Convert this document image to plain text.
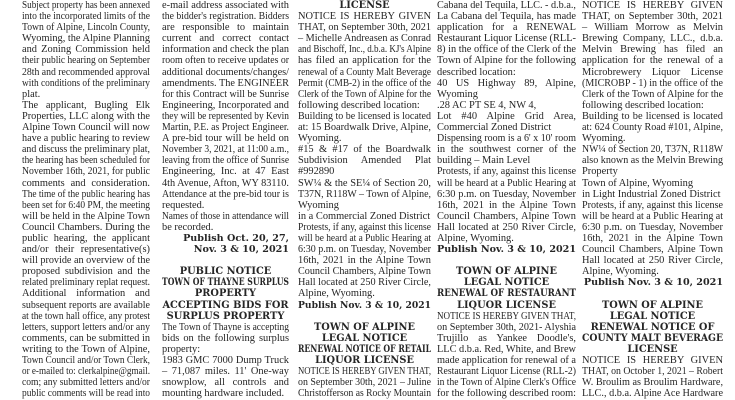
Subject property has been annexed
into the incorporated limits of the
Town of Alpine, Lincoln County,
Wyoming, the Alpine Planning
and Zoning Commission held
their public hearing on September
28th and recommended approval
with conditions of the preliminary
plat.
The applicant, Bugling Elk
Properties, LLC along with the
Alpine Town Council will now
have a public hearing to review
and discuss the preliminary plat,
the hearing has been scheduled for
November 16th, 2021, for public
comments and consideration.
The time of the public hearing has
been set for 6:40 PM, the meeting
will be held in the Alpine Town
Council Chambers. During the
public hearing, the applicant
and/or their representative(s)
will provide an overview of the
proposed subdivision and the
related preliminary replat request.
Additional information and
subsequent reports are available
at the town hall office, any protest
letters, support letters and/or any
comments, can be submitted in
writing to the Town of Alpine,
Town Council and/or Town Clerk,
or e-mailed to: clerkalpine@gmail.
com; any submitted letters and/or
public comments will be read into
e-mail address associated with
the bidder's registration. Bidders
are responsible to maintain
current and correct contact
information and check the plan
room often to receive updates or
additional documents/changes/
amendments. The ENGINEER
for this Contract will be Sunrise
Engineering, Incorporated and
they will be represented by Kevin
Martin, P.E. as Project Engineer.
A pre-bid tour will be held on
November 3, 2021, at 11:00 a.m.,
leaving from the office of Sunrise
Engineering, Inc. at 47 East
4th Avenue, Afton, WY 83110.
Attendance at the pre-bid tour is
requested.
Names of those in attendance will
be recorded.
Publish Oct. 20, 27,
Nov. 3 & 10, 2021
PUBLIC NOTICE
TOWN OF THAYNE SURPLUS
PROPERTY
ACCEPTING BIDS FOR
SURPLUS PROPERTY
The Town of Thayne is accepting
bids on the following surplus
property:
1983 GMC 7000 Dump Truck
– 71,087 miles. 11' One-way
snowplow, all controls and
mounting hardware included.
LICENSE
NOTICE IS HEREBY GIVEN
THAT, on September 30th, 2021
– Michelle Andreasen as Conrad
and Bischoff, Inc., d.b.a. KJ's Alpine
has filed an application for the
renewal of a County Malt Beverage
Permit (CMB-2) in the office of the
Clerk of the Town of Alpine for the
following described location:
Building to be licensed is located
at: 15 Boardwalk Drive, Alpine,
Wyoming.
#15 & #17 of the Boardwalk
Subdivision Amended Plat
#992890
SW¼ & the SE¼ of Section 20,
T37N, R118W – Town of Alpine,
Wyoming
in a Commercial Zoned District
Protests, if any, against this license
will be heard at a Public Hearing at
6:30 p.m. on Tuesday, November
16th, 2021 in the Alpine Town
Council Chambers, Alpine Town
Hall located at 250 River Circle,
Alpine, Wyoming.
Publish Nov. 3 & 10, 2021
TOWN OF ALPINE
LEGAL NOTICE
RENEWAL NOTICE OF RETAIL
LIQUOR LICENSE
NOTICE IS HEREBY GIVEN THAT,
on September 30th, 2021 – Juline
Christofferson as Rocky Mountain
Cabana del Tequila, LLC. - d.b.a.,
La Cabana del Tequila, has made
application for a RENEWAL
Restaurant Liquor License (RLL-
8) in the office of the Clerk of the
Town of Alpine for the following
described location:
40 US Highway 89, Alpine,
Wyoming
.28 AC PT SE 4, NW 4,
Lot #40 Alpine Grid Area,
Commercial Zoned District
Dispensing room is a 6' x 10' room
in the southwest corner of the
building – Main Level
Protests, if any, against this license
will be heard at a Public Hearing at
6:30 p.m. on Tuesday, November
16th, 2021 in the Alpine Town
Council Chambers, Alpine Town
Hall located at 250 River Circle,
Alpine, Wyoming.
Publish Nov. 3 & 10, 2021
TOWN OF ALPINE
LEGAL NOTICE
RENEWAL OF RESTAURANT
LIQUOR LICENSE
NOTICE IS HEREBY GIVEN THAT,
on September 30th, 2021- Alyshia
Trujillo as Yankee Doodle's,
LLC d.b.a. Red, White, and Brew
made application for renewal of a
Restaurant Liquor License (RLL-2)
in the Town of Alpine Clerk's Office
for the following described room:
NOTICE IS HEREBY GIVEN
THAT, on September 30th, 2021
– William Morrow as Melvin
Brewing Company, LLC., d.b.a.
Melvin Brewing has filed an
application for the renewal of a
Microbrewery Liquor License
(MICROBP - 1) in the office of the
Clerk of the Town of Alpine for the
following described location:
Building to be licensed is located
at: 624 County Road #101, Alpine,
Wyoming.
NW¼ of Section 20, T37N, R118W
also known as the Melvin Brewing
Property
Town of Alpine, Wyoming
in Light Industrial Zoned District
Protests, if any, against this license
will be heard at a Public Hearing at
6:30 p.m. on Tuesday, November
16th, 2021 in the Alpine Town
Council Chambers, Alpine Town
Hall located at 250 River Circle,
Alpine, Wyoming.
Publish Nov. 3 & 10, 2021
TOWN OF ALPINE
LEGAL NOTICE
RENEWAL NOTICE OF
COUNTY MALT BEVERAGE
LICENSE
NOTICE IS HEREBY GIVEN
THAT, on October 1, 2021 – Robert
W. Broulim as Broulim Hardware,
LLC., d.b.a. Alpine Ace Hardware
